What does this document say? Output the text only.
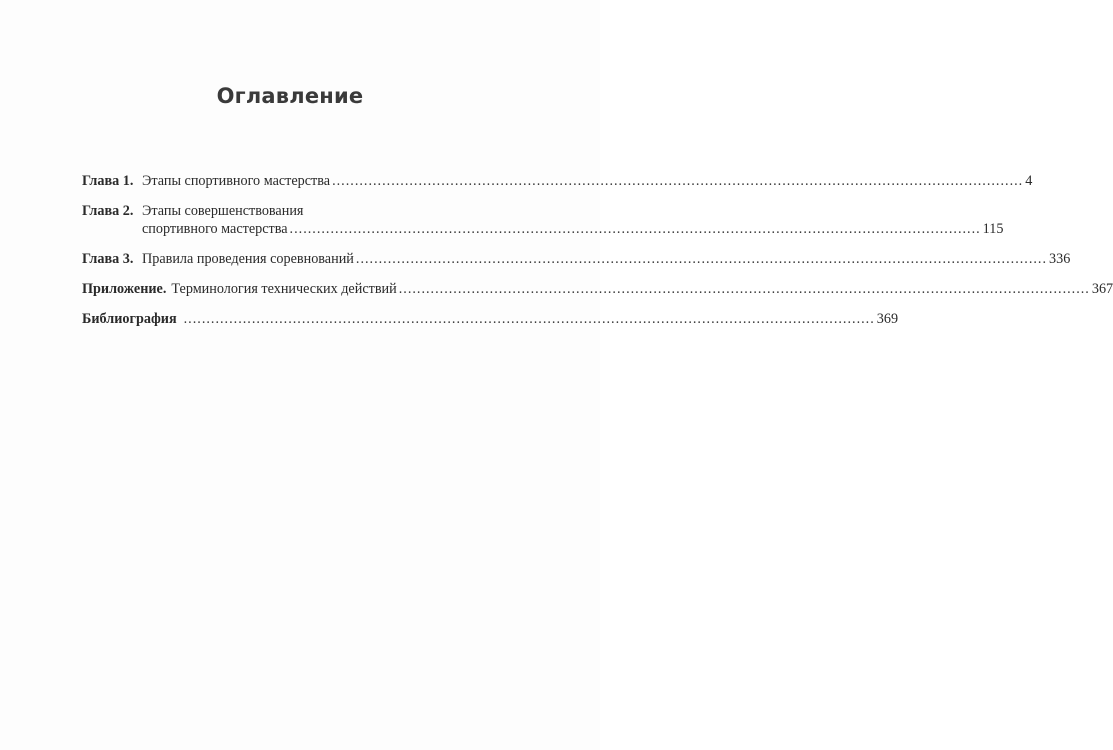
Оглавление
Глава 1. Этапы спортивного мастерства .....	4
Глава 2. Этапы совершенствования
спортивного мастерства .....	115
Глава 3. Правила проведения соревнований .....	336
Приложение. Терминология технических действий .....	367
Библиография .....	369
